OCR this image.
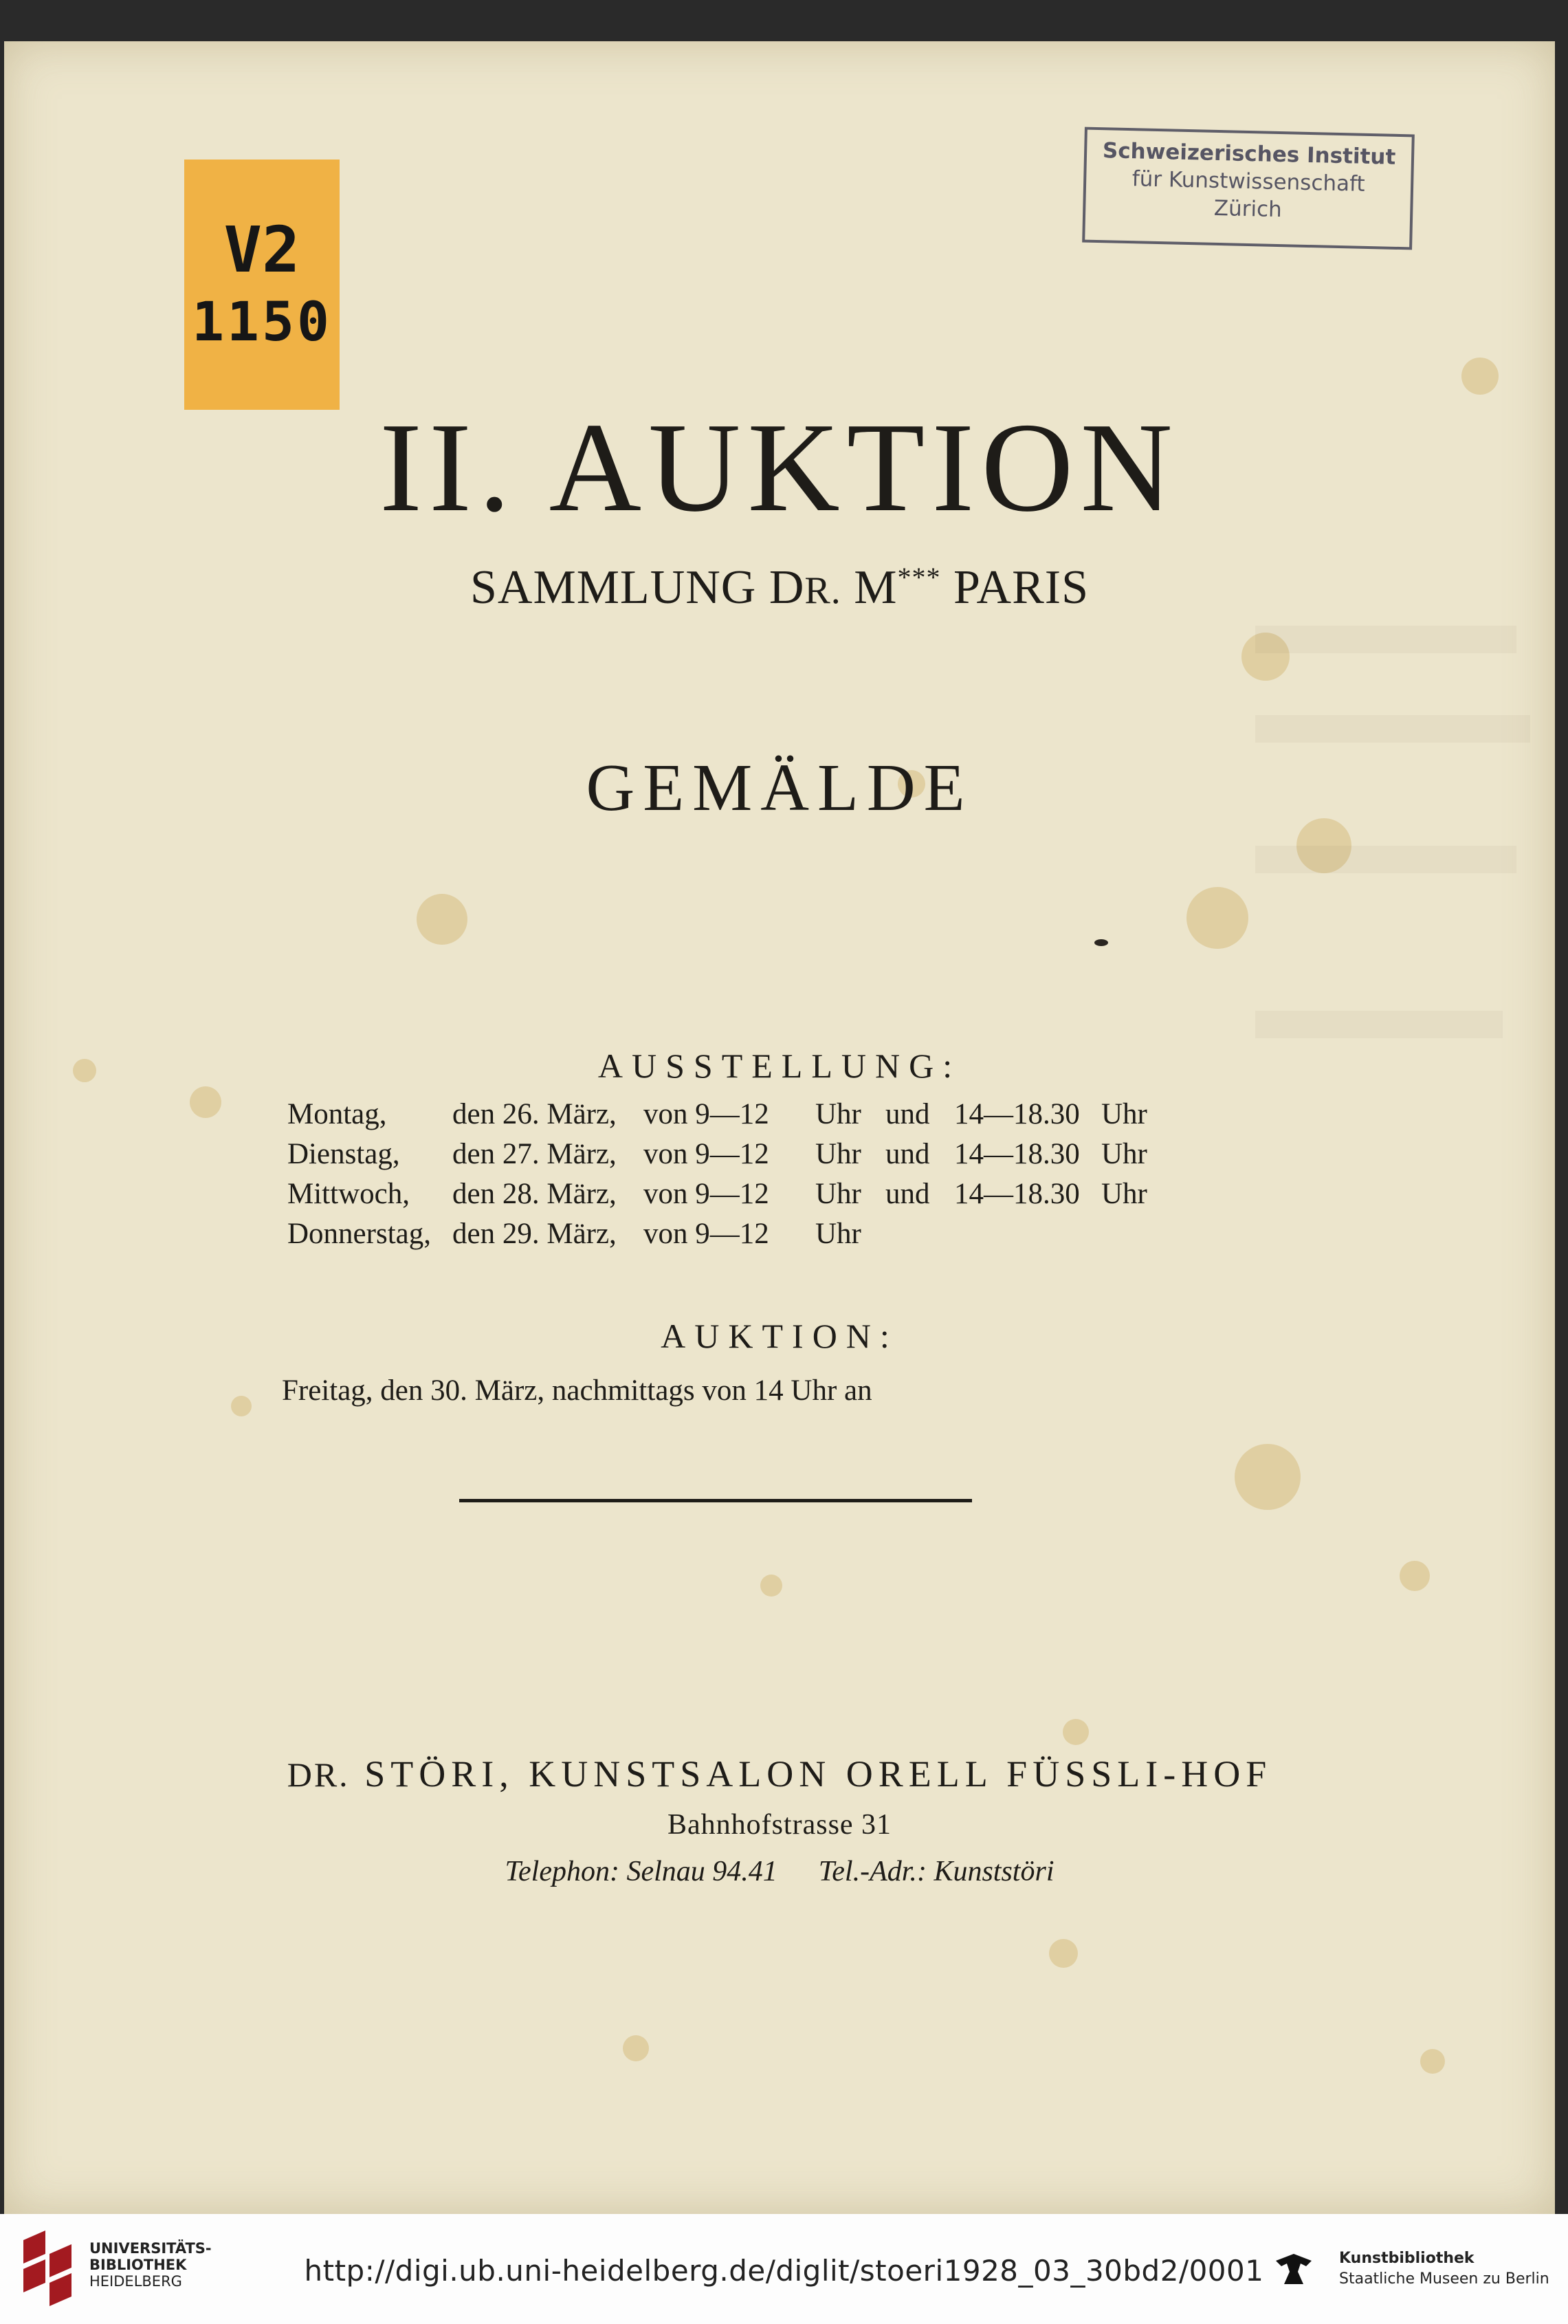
V2
1150
Schweizerisches Institut
für Kunstwissenschaft
Zürich
II. AUKTION
SAMMLUNG DR. M*** PARIS
GEMÄLDE
AUSSTELLUNG:
Montag, den 26. März, von 9—12 Uhr und 14—18.30 Uhr
Dienstag, den 27. März, von 9—12 Uhr und 14—18.30 Uhr
Mittwoch, den 28. März, von 9—12 Uhr und 14—18.30 Uhr
Donnerstag, den 29. März, von 9—12 Uhr
AUKTION:
Freitag, den 30. März, nachmittags von 14 Uhr an
DR. STÖRI, KUNSTSALON ORELL FÜSSLI-HOF
Bahnhofstrasse 31
Telephon: Selnau 94.41 Tel.-Adr.: Kunststöri
UNIVERSITÄTS-
BIBLIOTHEK
HEIDELBERG	http://digi.ub.uni-heidelberg.de/diglit/stoeri1928_03_30bd2/0001	Kunstbibliothek
Staatliche Museen zu Berlin
